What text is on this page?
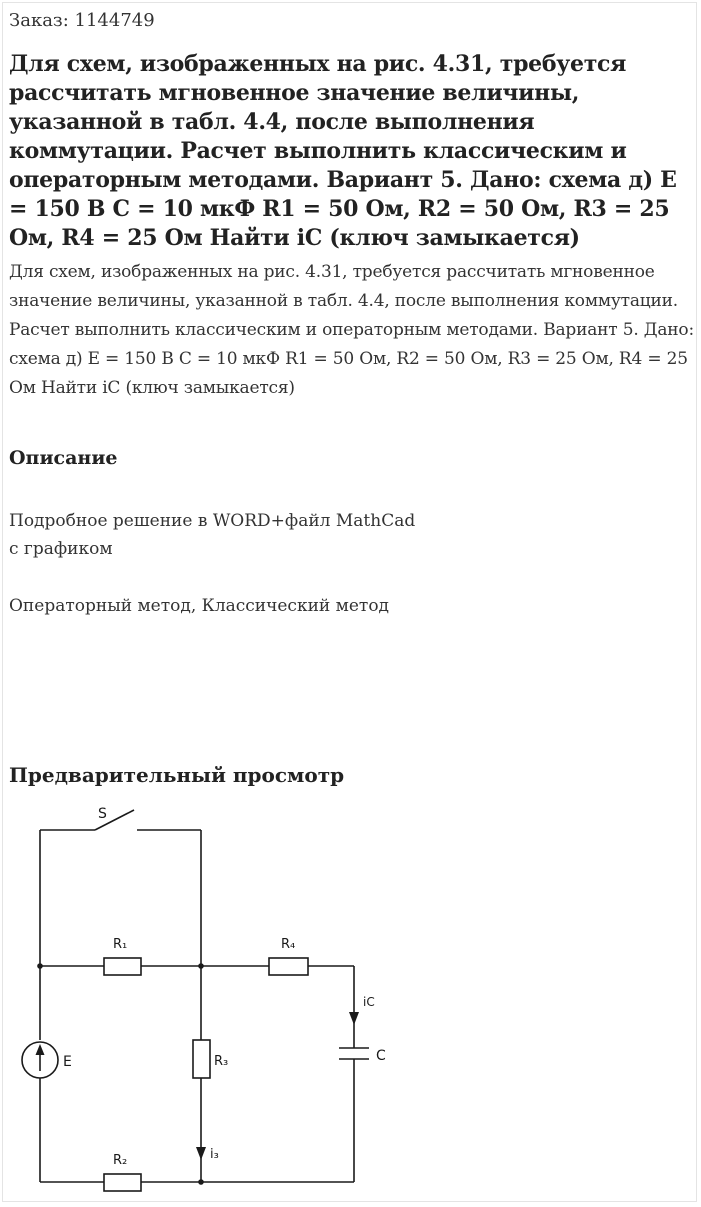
Заказ: 1144749
Для схем, изображенных на рис. 4.31, требуется рассчитать мгновенное значение величины, указанной в табл. 4.4, после выполнения коммутации. Расчет выполнить классическим и операторным методами. Вариант 5. Дано: схема д) E = 150 В C = 10 мкФ R1 = 50 Ом, R2 = 50 Ом, R3 = 25 Ом, R4 = 25 Ом Найти iC (ключ замыкается)

Для схем, изображенных на рис. 4.31, требуется рассчитать мгновенное значение величины, указанной в табл. 4.4, после выполнения коммутации. Расчет выполнить классическим и операторным методами. Вариант 5. Дано: схема д) E = 150 В C = 10 мкФ R1 = 50 Ом, R2 = 50 Ом, R3 = 25 Ом, R4 = 25 Ом Найти iC (ключ замыкается)

Описание

Подробное решение в WORD+файл MathCad

с графиком

Операторный метод, Классический метод

Предварительный просмотр
S
R₁	R₄
R₃
R₂
E	C
iC
i₃
